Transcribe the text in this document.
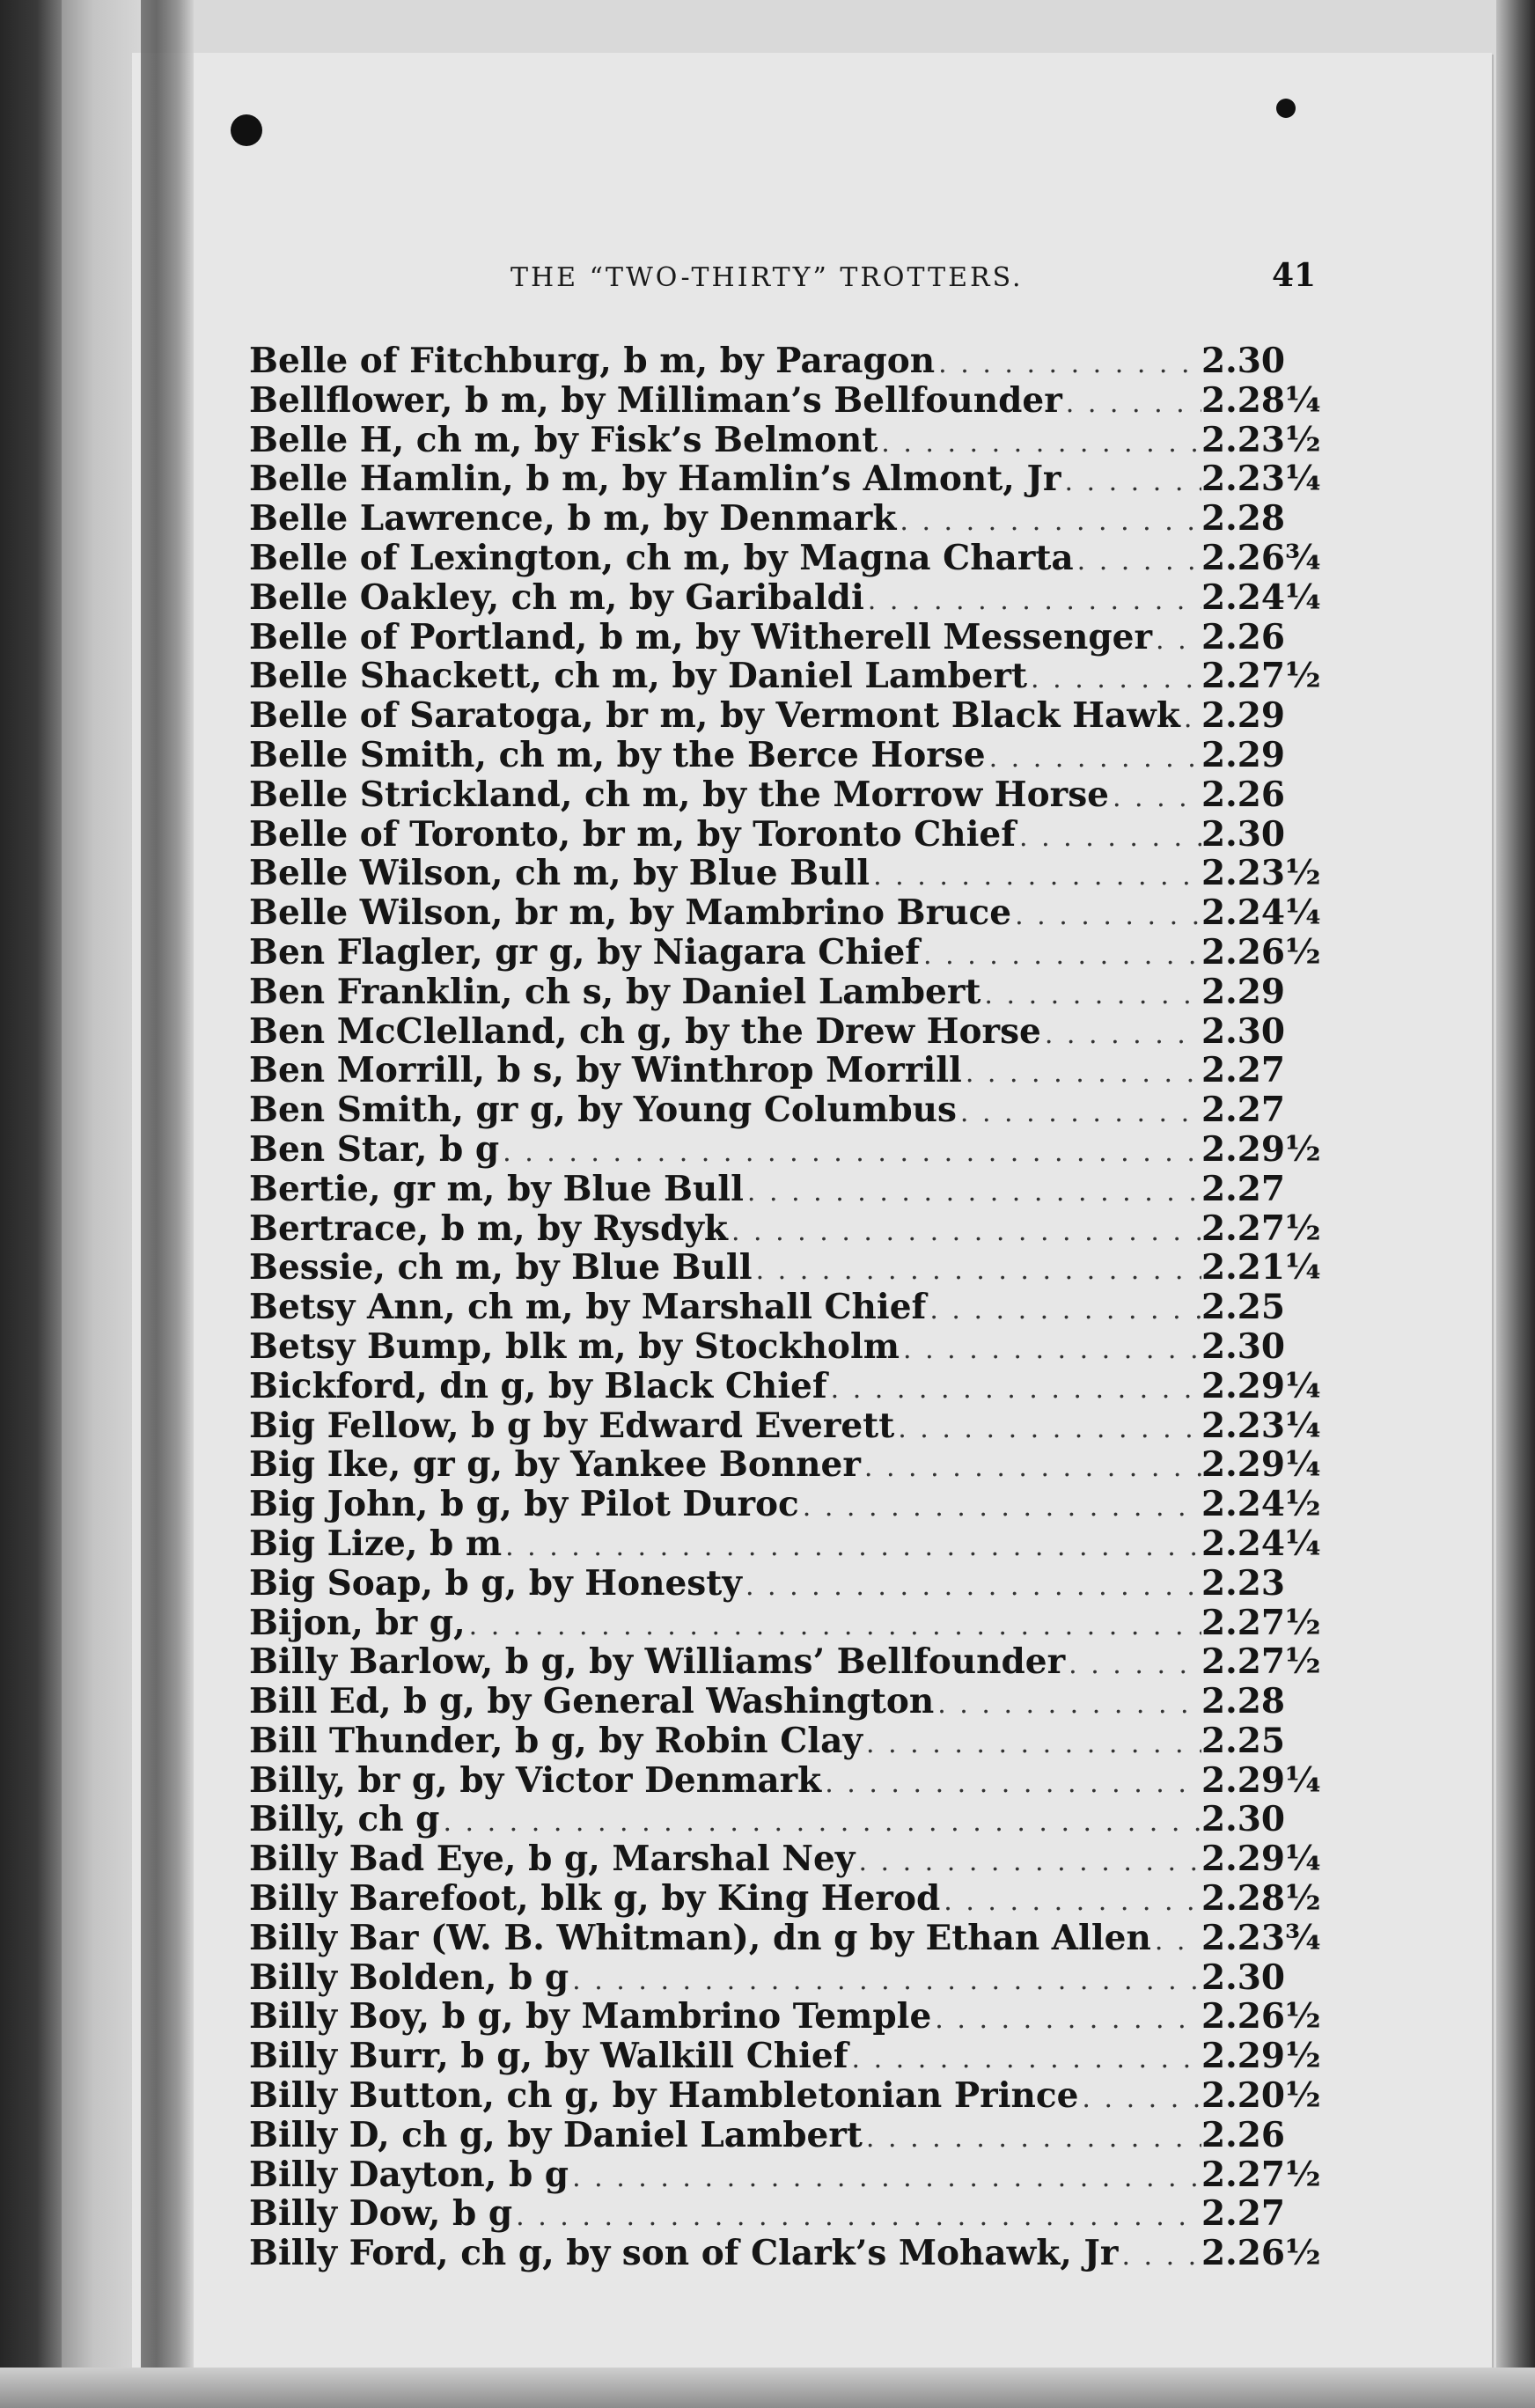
THE “TWO-THIRTY” TROTTERS.	41
Belle of Fitchburg, b m, by Paragon . . .	2.30
Bellflower, b m, by Milliman’s Bellfounder . . .	2.28¼
Belle H, ch m, by Fisk’s Belmont . . .	2.23½
Belle Hamlin, b m, by Hamlin’s Almont, Jr . . .	2.23¼
Belle Lawrence, b m, by Denmark . . .	2.28
Belle of Lexington, ch m, by Magna Charta . . .	2.26¾
Belle Oakley, ch m, by Garibaldi . . .	2.24¼
Belle of Portland, b m, by Witherell Messenger . . . 2.26
Belle Shackett, ch m, by Daniel Lambert . . .	2.27½
Belle of Saratoga, br m, by Vermont Black Hawk . . . 2.29
Belle Smith, ch m, by the Berce Horse . . .	2.29
Belle Strickland, ch m, by the Morrow Horse . . .	2.26
Belle of Toronto, br m, by Toronto Chief . . .	2.30
Belle Wilson, ch m, by Blue Bull . . .	2.23½
Belle Wilson, br m, by Mambrino Bruce . . .	2.24¼
Ben Flagler, gr g, by Niagara Chief . . .	2.26½
Ben Franklin, ch s, by Daniel Lambert . . .	2.29
Ben McClelland, ch g, by the Drew Horse . . .	2.30
Ben Morrill, b s, by Winthrop Morrill . . .	2.27
Ben Smith, gr g, by Young Columbus . . .	2.27
Ben Star, b g . . .	2.29½
Bertie, gr m, by Blue Bull . . .	2.27
Bertrace, b m, by Rysdyk . . .	2.27½
Bessie, ch m, by Blue Bull . . .	2.21¼
Betsy Ann, ch m, by Marshall Chief . . .	2.25
Betsy Bump, blk m, by Stockholm . . .	2.30
Bickford, dn g, by Black Chief . . .	2.29¼
Big Fellow, b g by Edward Everett . . .	2.23¼
Big Ike, gr g, by Yankee Bonner . . .	2.29¼
Big John, b g, by Pilot Duroc . . .	2.24½
Big Lize, b m . . .	2.24¼
Big Soap, b g, by Honesty . . .	2.23
Bijon, br g, . . .	2.27½
Billy Barlow, b g, by Williams’ Bellfounder . . .	2.27½
Bill Ed, b g, by General Washington . . .	2.28
Bill Thunder, b g, by Robin Clay . . .	2.25
Billy, br g, by Victor Denmark . . .	2.29¼
Billy, ch g . . .	2.30
Billy Bad Eye, b g, Marshal Ney . . .	2.29¼
Billy Barefoot, blk g, by King Herod . . .	2.28½
Billy Bar (W. B. Whitman), dn g by Ethan Allen . . . 2.23¾
Billy Bolden, b g . . .	2.30
Billy Boy, b g, by Mambrino Temple . . .	2.26½
Billy Burr, b g, by Walkill Chief . . .	2.29½
Billy Button, ch g, by Hambletonian Prince . . .	2.20½
Billy D, ch g, by Daniel Lambert . . .	2.26
Billy Dayton, b g . . .	2.27½
Billy Dow, b g . . .	2.27
Billy Ford, ch g, by son of Clark’s Mohawk, Jr . . . 2.26½
